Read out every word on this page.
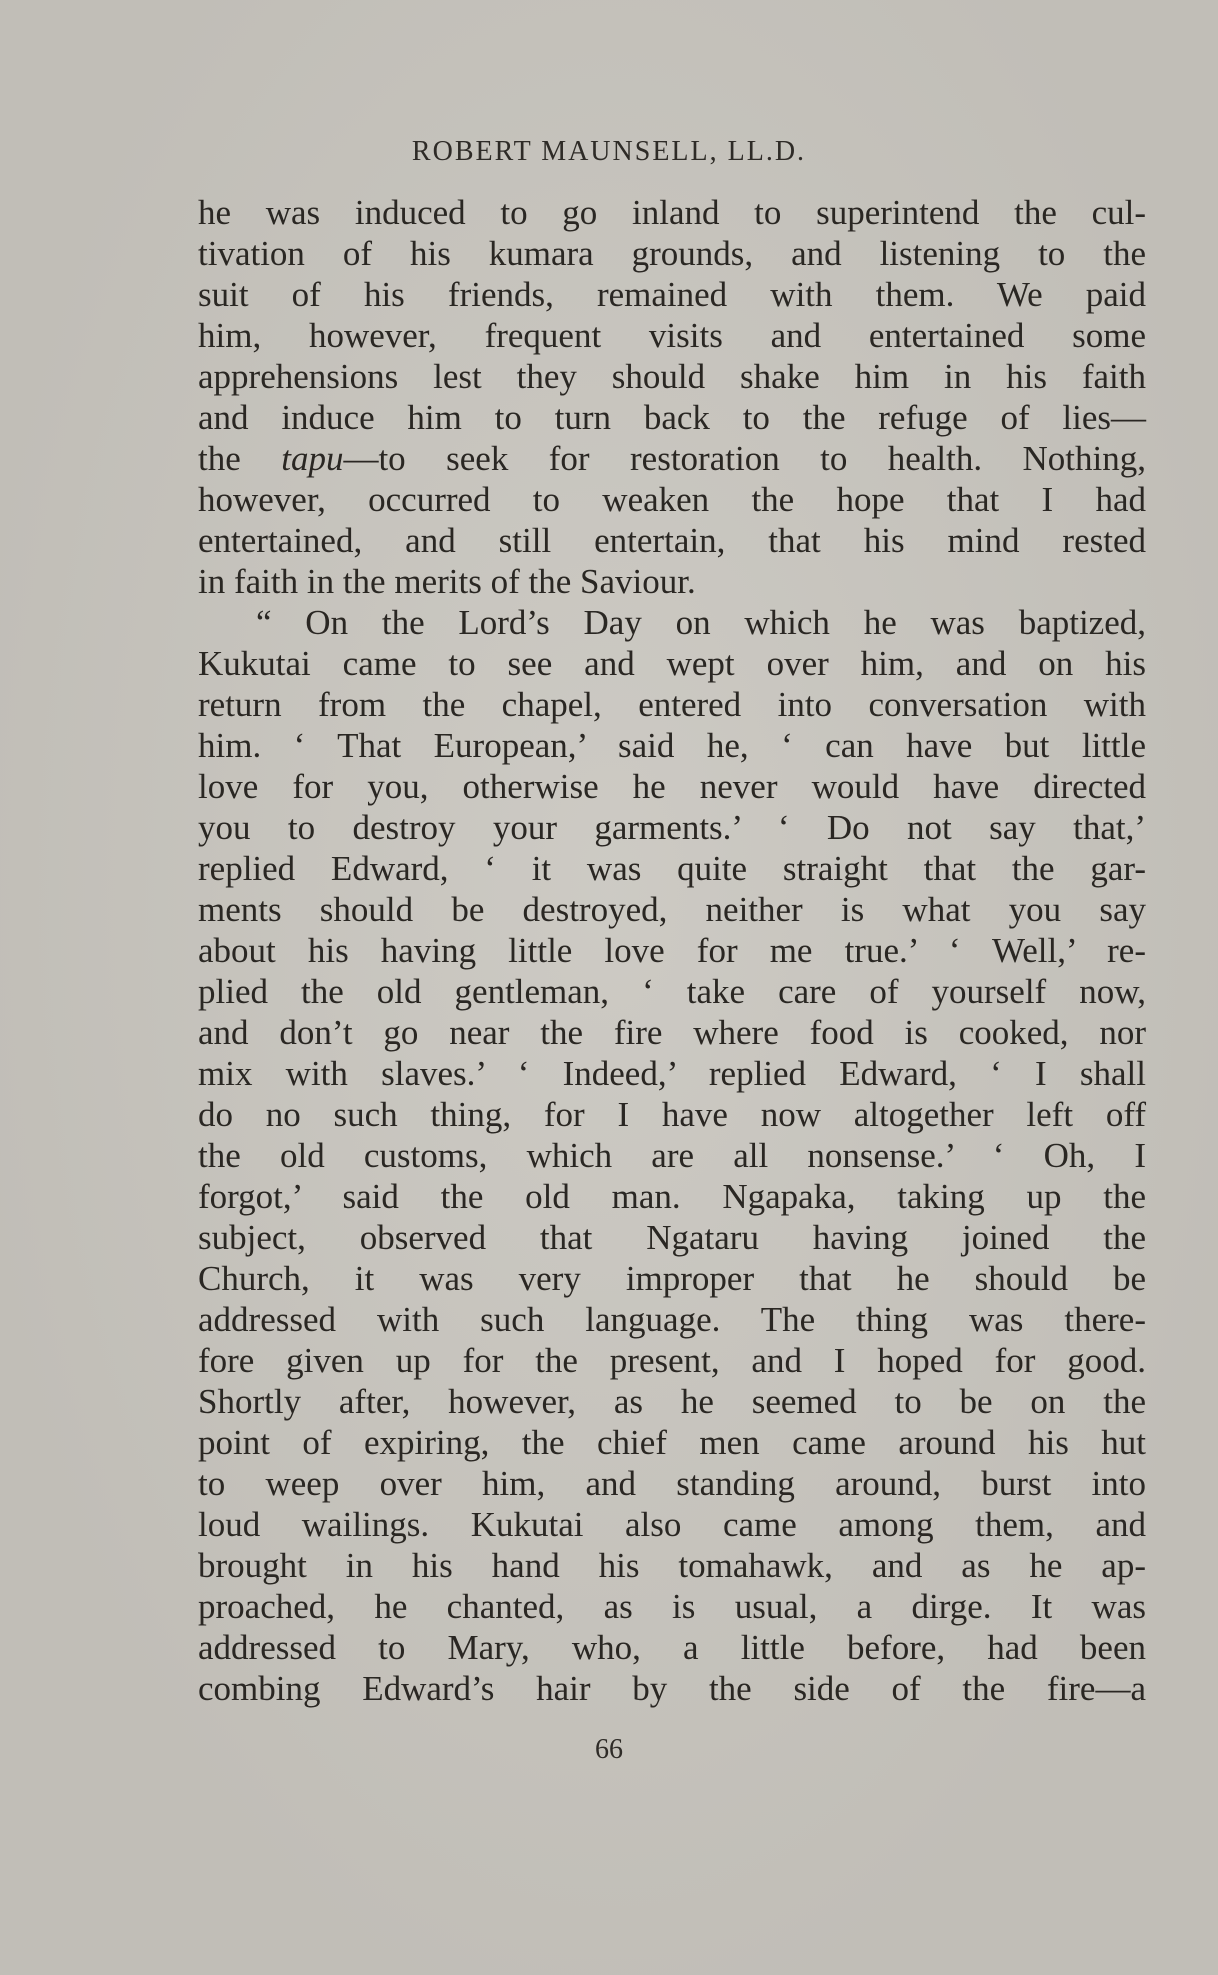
ROBERT MAUNSELL, LL.D.
he was induced to go inland to superintend the cul-
tivation of his kumara grounds, and listening to the
suit of his friends, remained with them. We paid
him, however, frequent visits and entertained some
apprehensions lest they should shake him in his faith
and induce him to turn back to the refuge of lies—
the tapu—to seek for restoration to health. Nothing,
however, occurred to weaken the hope that I had
entertained, and still entertain, that his mind rested
in faith in the merits of the Saviour.
“ On the Lord’s Day on which he was baptized,
Kukutai came to see and wept over him, and on his
return from the chapel, entered into conversation with
him. ‘ That European,’ said he, ‘ can have but little
love for you, otherwise he never would have directed
you to destroy your garments.’ ‘ Do not say that,’
replied Edward, ‘ it was quite straight that the gar-
ments should be destroyed, neither is what you say
about his having little love for me true.’ ‘ Well,’ re-
plied the old gentleman, ‘ take care of yourself now,
and don’t go near the fire where food is cooked, nor
mix with slaves.’ ‘ Indeed,’ replied Edward, ‘ I shall
do no such thing, for I have now altogether left off
the old customs, which are all nonsense.’ ‘ Oh, I
forgot,’ said the old man. Ngapaka, taking up the
subject, observed that Ngataru having joined the
Church, it was very improper that he should be
addressed with such language. The thing was there-
fore given up for the present, and I hoped for good.
Shortly after, however, as he seemed to be on the
point of expiring, the chief men came around his hut
to weep over him, and standing around, burst into
loud wailings. Kukutai also came among them, and
brought in his hand his tomahawk, and as he ap-
proached, he chanted, as is usual, a dirge. It was
addressed to Mary, who, a little before, had been
combing Edward’s hair by the side of the fire—a
66
